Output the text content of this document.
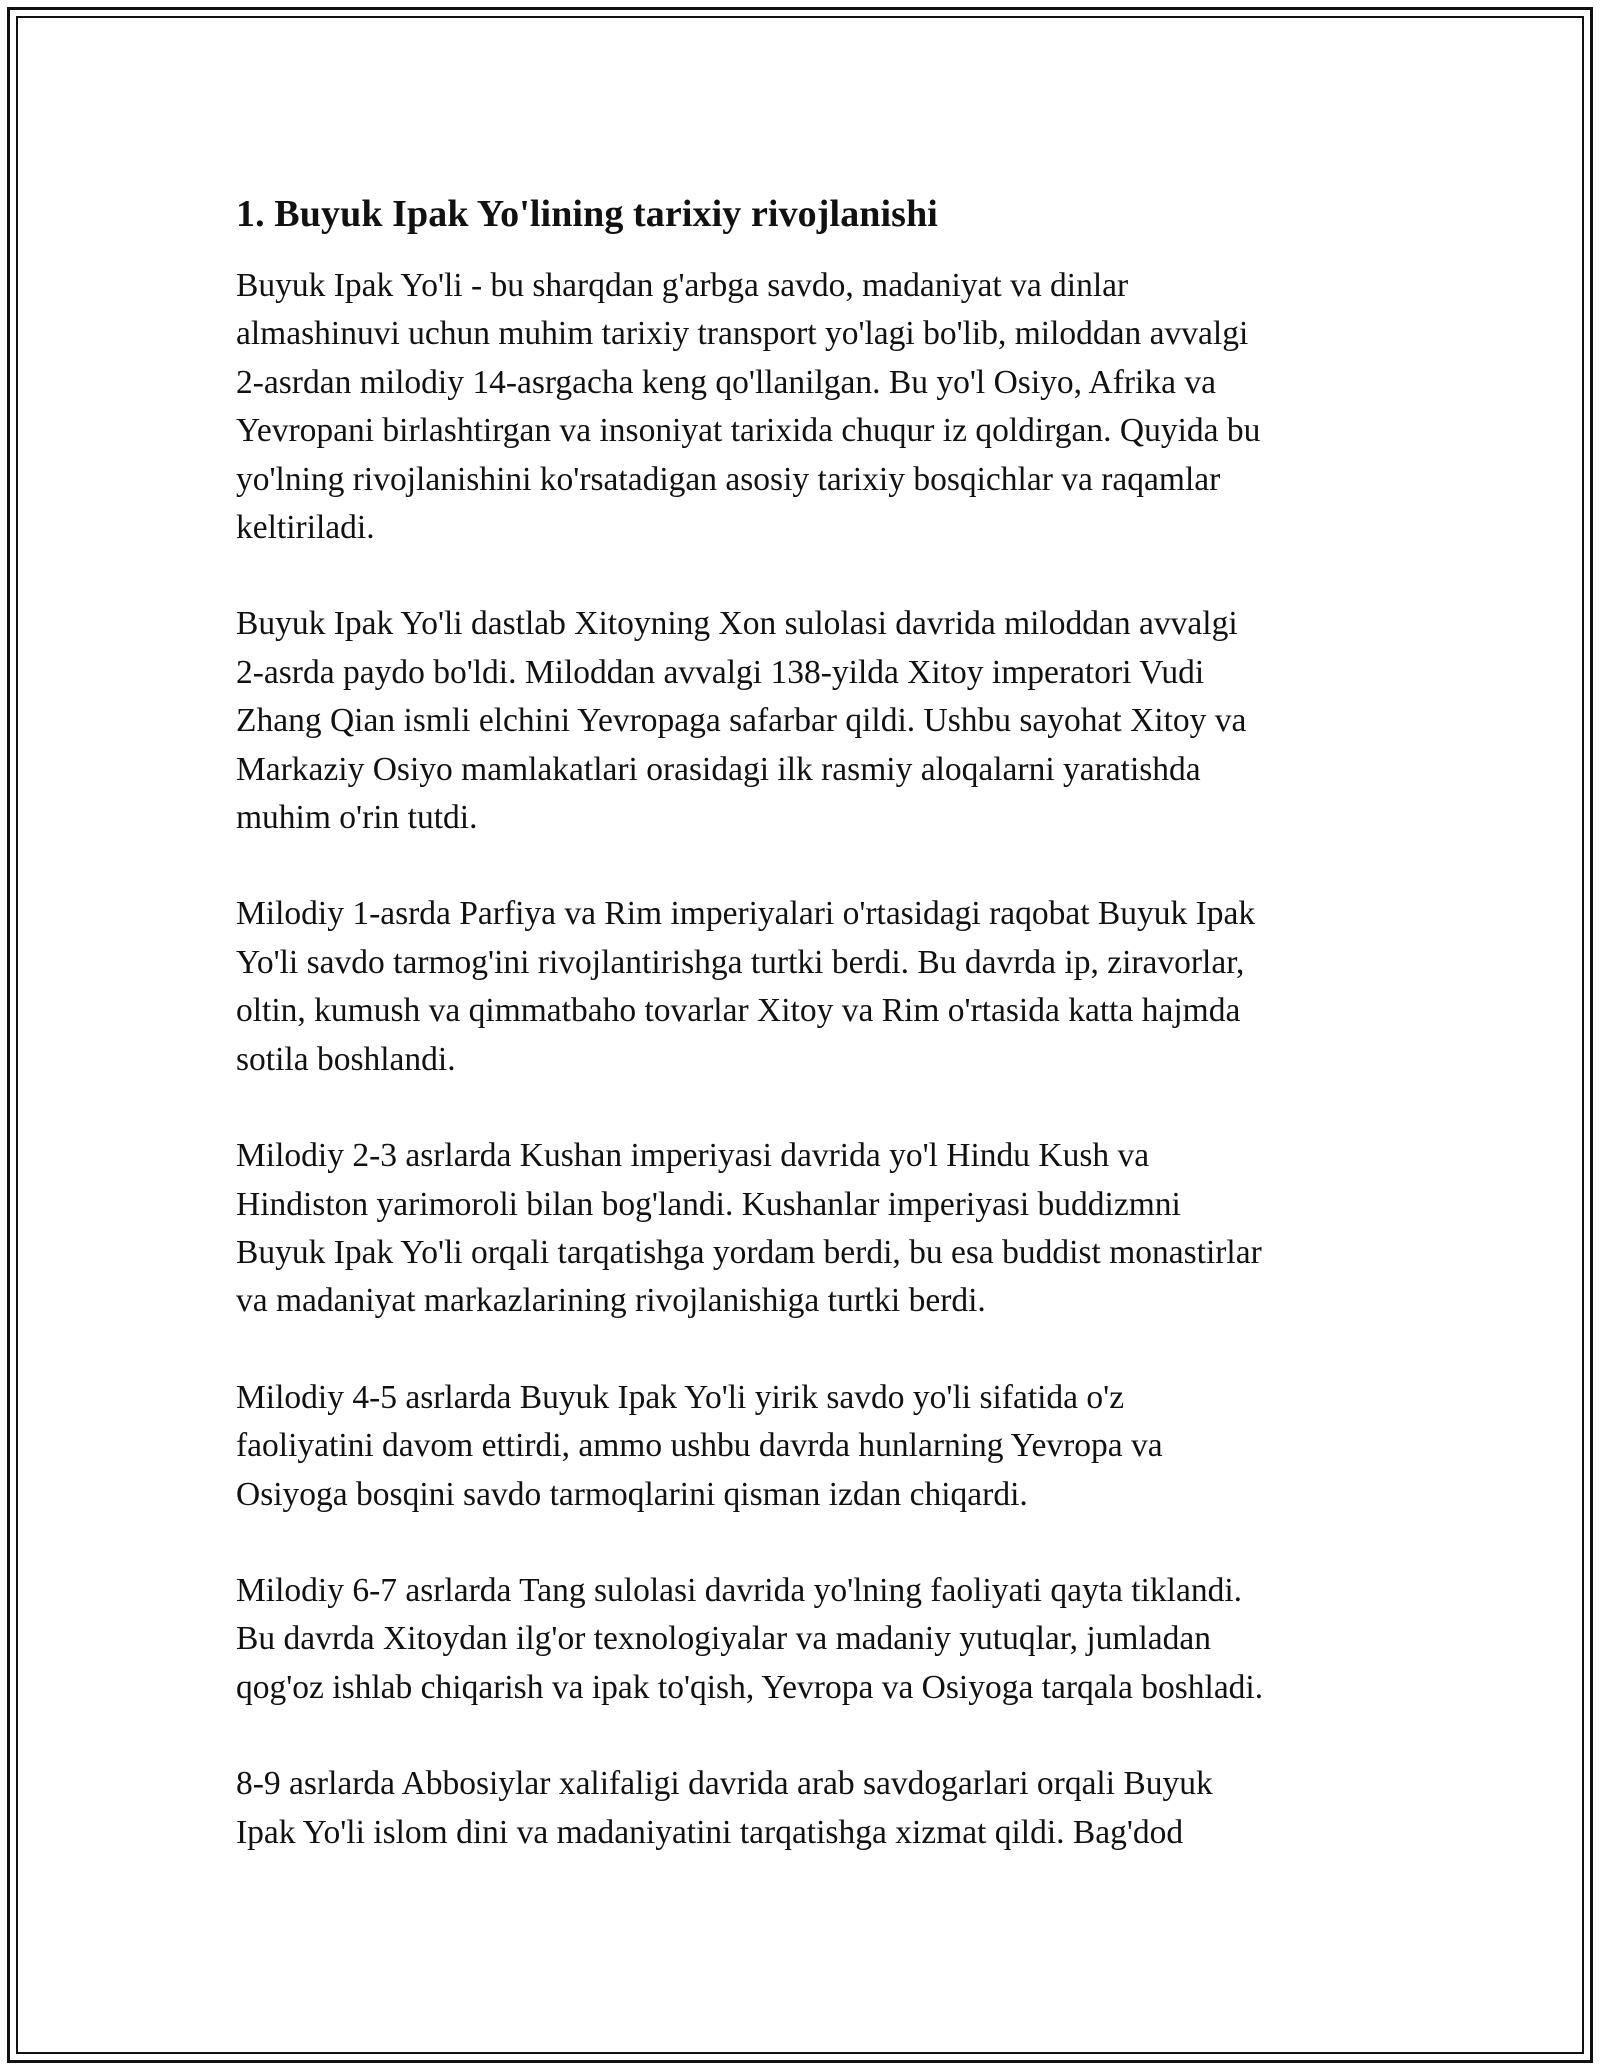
1. Buyuk Ipak Yo'lining tarixiy rivojlanishi

Buyuk Ipak Yo'li - bu sharqdan g'arbga savdo, madaniyat va dinlar
almashinuvi uchun muhim tarixiy transport yo'lagi bo'lib, miloddan avvalgi
2-asrdan milodiy 14-asrgacha keng qo'llanilgan. Bu yo'l Osiyo, Afrika va
Yevropani birlashtirgan va insoniyat tarixida chuqur iz qoldirgan. Quyida bu
yo'lning rivojlanishini ko'rsatadigan asosiy tarixiy bosqichlar va raqamlar
keltiriladi.

Buyuk Ipak Yo'li dastlab Xitoyning Xon sulolasi davrida miloddan avvalgi
2-asrda paydo bo'ldi. Miloddan avvalgi 138-yilda Xitoy imperatori Vudi
Zhang Qian ismli elchini Yevropaga safarbar qildi. Ushbu sayohat Xitoy va
Markaziy Osiyo mamlakatlari orasidagi ilk rasmiy aloqalarni yaratishda
muhim o'rin tutdi.

Milodiy 1-asrda Parfiya va Rim imperiyalari o'rtasidagi raqobat Buyuk Ipak
Yo'li savdo tarmog'ini rivojlantirishga turtki berdi. Bu davrda ip, ziravorlar,
oltin, kumush va qimmatbaho tovarlar Xitoy va Rim o'rtasida katta hajmda
sotila boshlandi.

Milodiy 2-3 asrlarda Kushan imperiyasi davrida yo'l Hindu Kush va
Hindiston yarimoroli bilan bog'landi. Kushanlar imperiyasi buddizmni
Buyuk Ipak Yo'li orqali tarqatishga yordam berdi, bu esa buddist monastirlar
va madaniyat markazlarining rivojlanishiga turtki berdi.

Milodiy 4-5 asrlarda Buyuk Ipak Yo'li yirik savdo yo'li sifatida o'z
faoliyatini davom ettirdi, ammo ushbu davrda hunlarning Yevropa va
Osiyoga bosqini savdo tarmoqlarini qisman izdan chiqardi.

Milodiy 6-7 asrlarda Tang sulolasi davrida yo'lning faoliyati qayta tiklandi.
Bu davrda Xitoydan ilg'or texnologiyalar va madaniy yutuqlar, jumladan
qog'oz ishlab chiqarish va ipak to'qish, Yevropa va Osiyoga tarqala boshladi.

8-9 asrlarda Abbosiylar xalifaligi davrida arab savdogarlari orqali Buyuk
Ipak Yo'li islom dini va madaniyatini tarqatishga xizmat qildi. Bag'dod
